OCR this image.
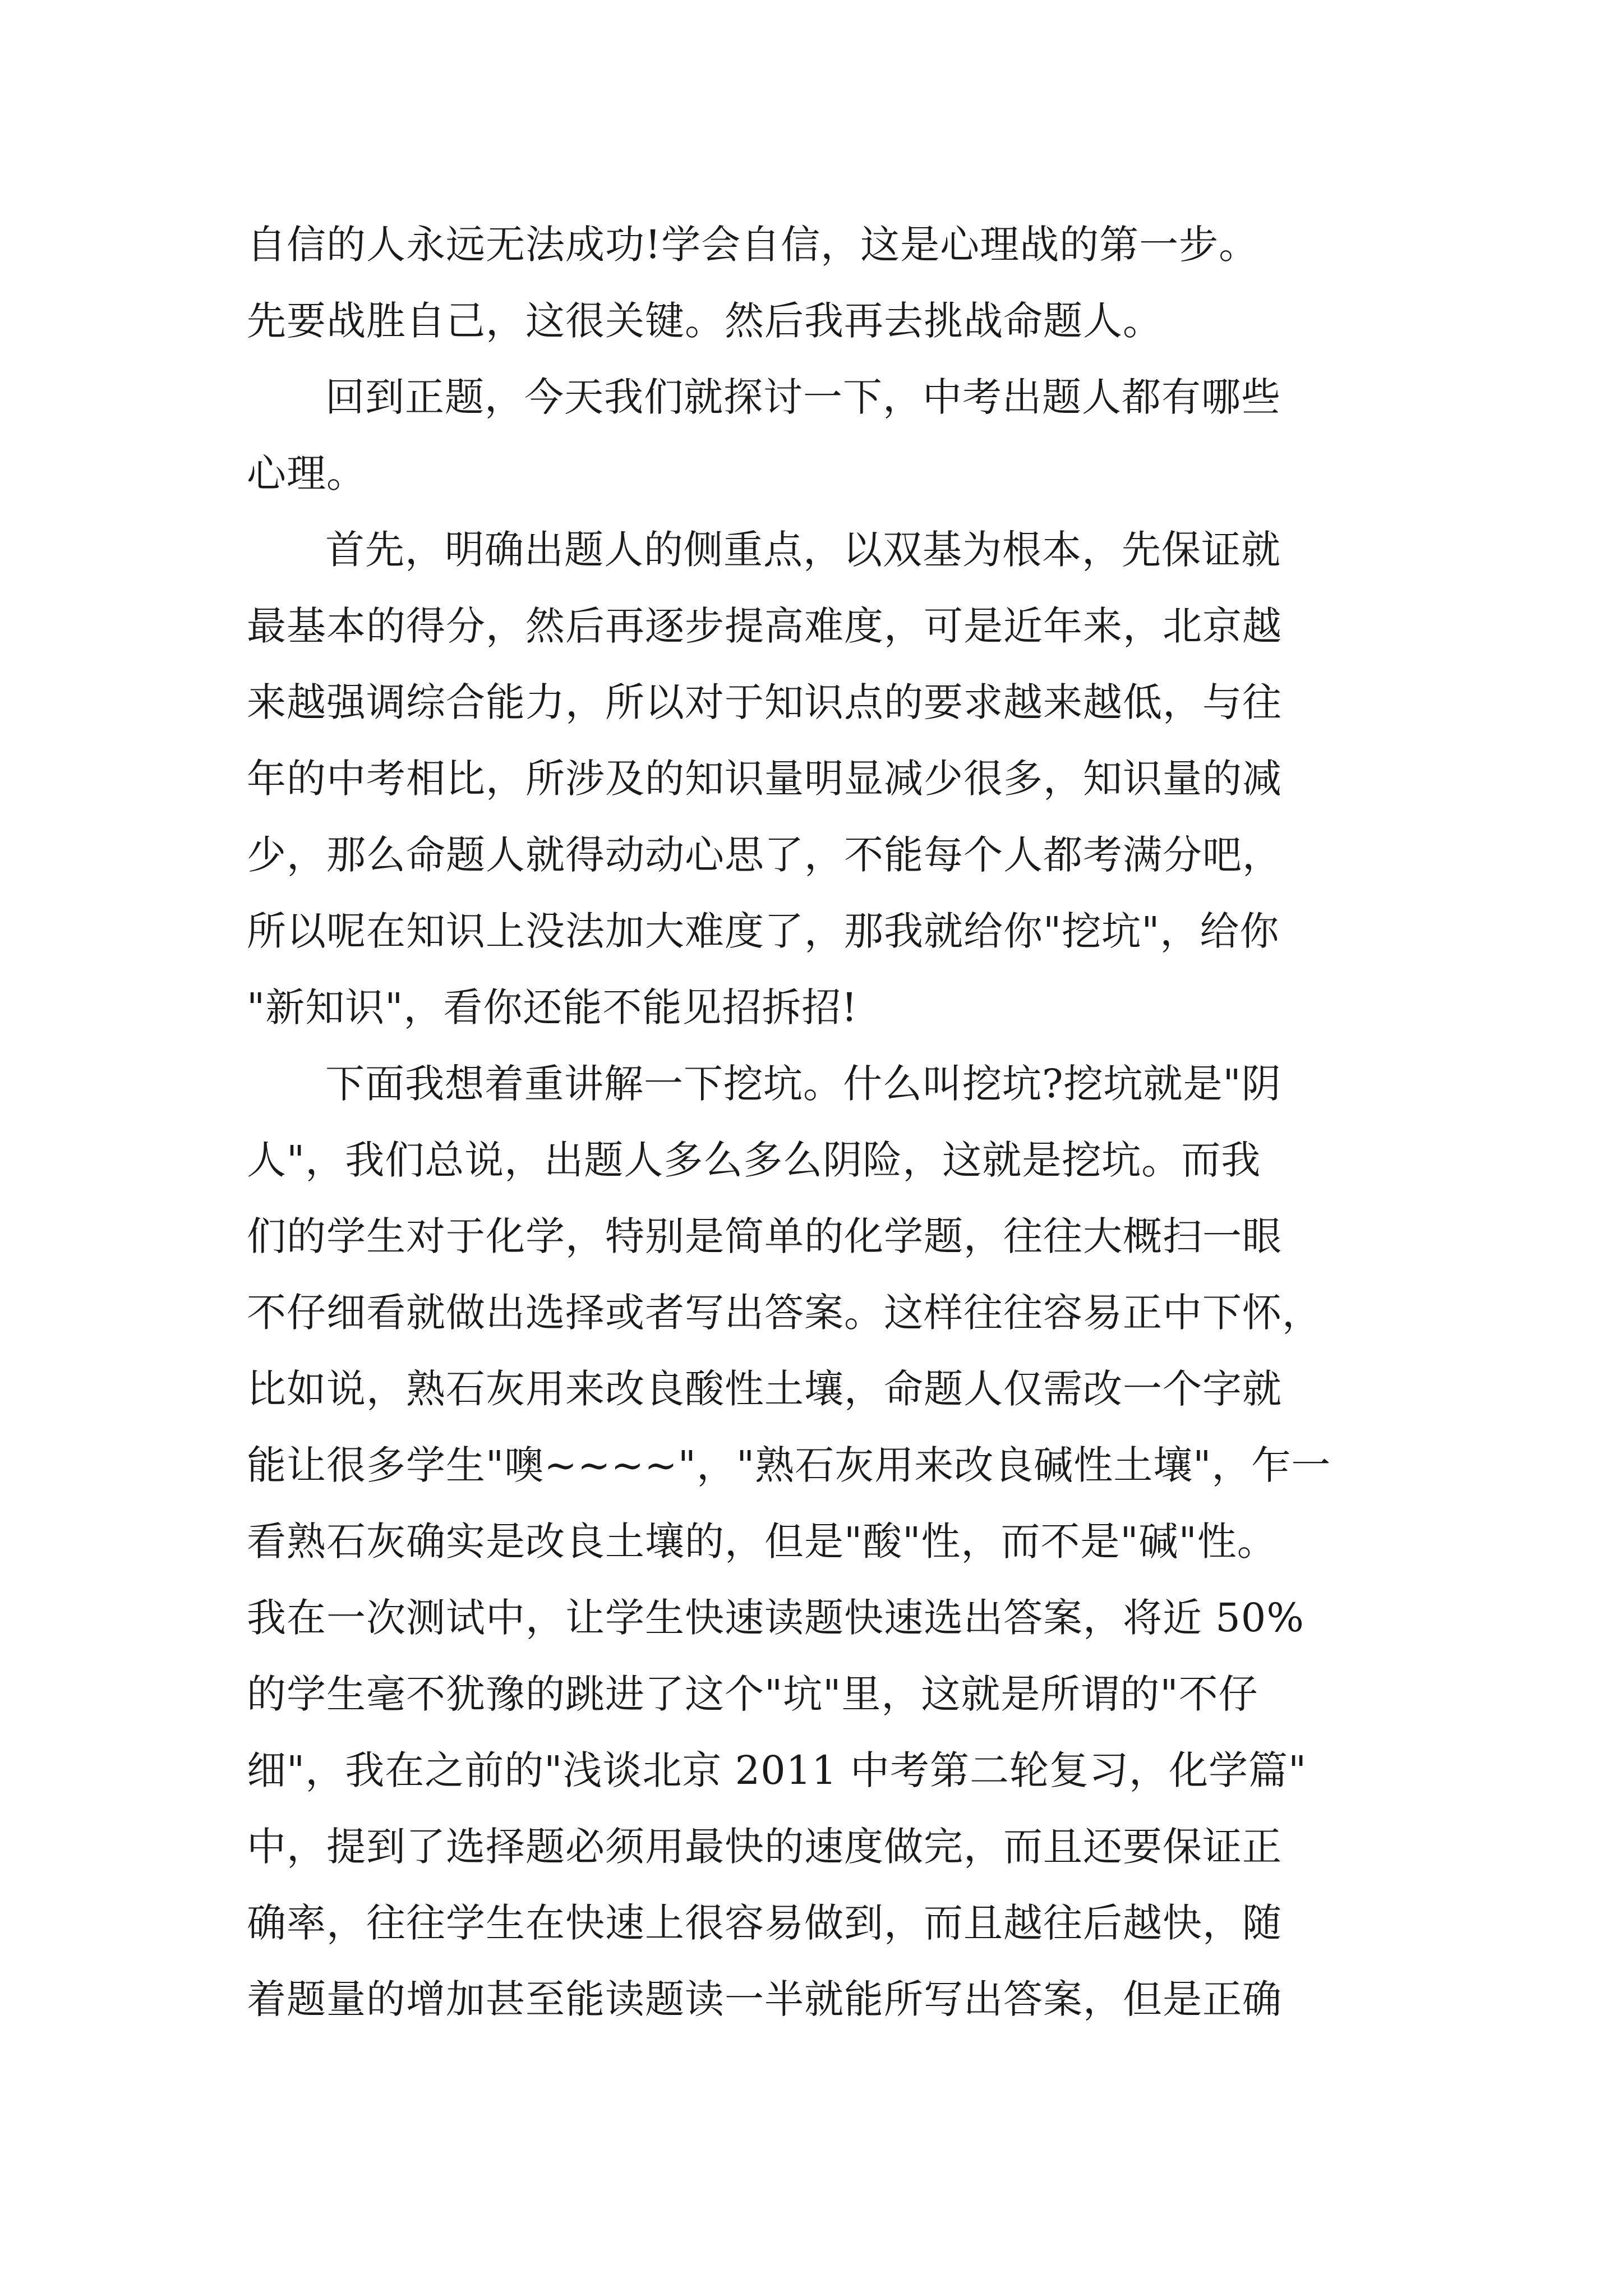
自信的人永远无法成功!学会自信，这是心理战的第一步。
先要战胜自己，这很关键。然后我再去挑战命题人。
回到正题，今天我们就探讨一下，中考出题人都有哪些
心理。
首先，明确出题人的侧重点，以双基为根本，先保证就
最基本的得分，然后再逐步提高难度，可是近年来，北京越
来越强调综合能力，所以对于知识点的要求越来越低，与往
年的中考相比，所涉及的知识量明显减少很多，知识量的减
少，那么命题人就得动动心思了，不能每个人都考满分吧，
所以呢在知识上没法加大难度了，那我就给你"挖坑"，给你
"新知识"，看你还能不能见招拆招!
下面我想着重讲解一下挖坑。什么叫挖坑?挖坑就是"阴
人"，我们总说，出题人多么多么阴险，这就是挖坑。而我
们的学生对于化学，特别是简单的化学题，往往大概扫一眼
不仔细看就做出选择或者写出答案。这样往往容易正中下怀，
比如说，熟石灰用来改良酸性土壤，命题人仅需改一个字就
能让很多学生"噢~~~~"，"熟石灰用来改良碱性土壤"，乍一
看熟石灰确实是改良土壤的，但是"酸"性，而不是"碱"性。
我在一次测试中，让学生快速读题快速选出答案，将近 50%
的学生毫不犹豫的跳进了这个"坑"里，这就是所谓的"不仔
细"，我在之前的"浅谈北京 2011 中考第二轮复习，化学篇"
中，提到了选择题必须用最快的速度做完，而且还要保证正
确率，往往学生在快速上很容易做到，而且越往后越快，随
着题量的增加甚至能读题读一半就能所写出答案，但是正确
